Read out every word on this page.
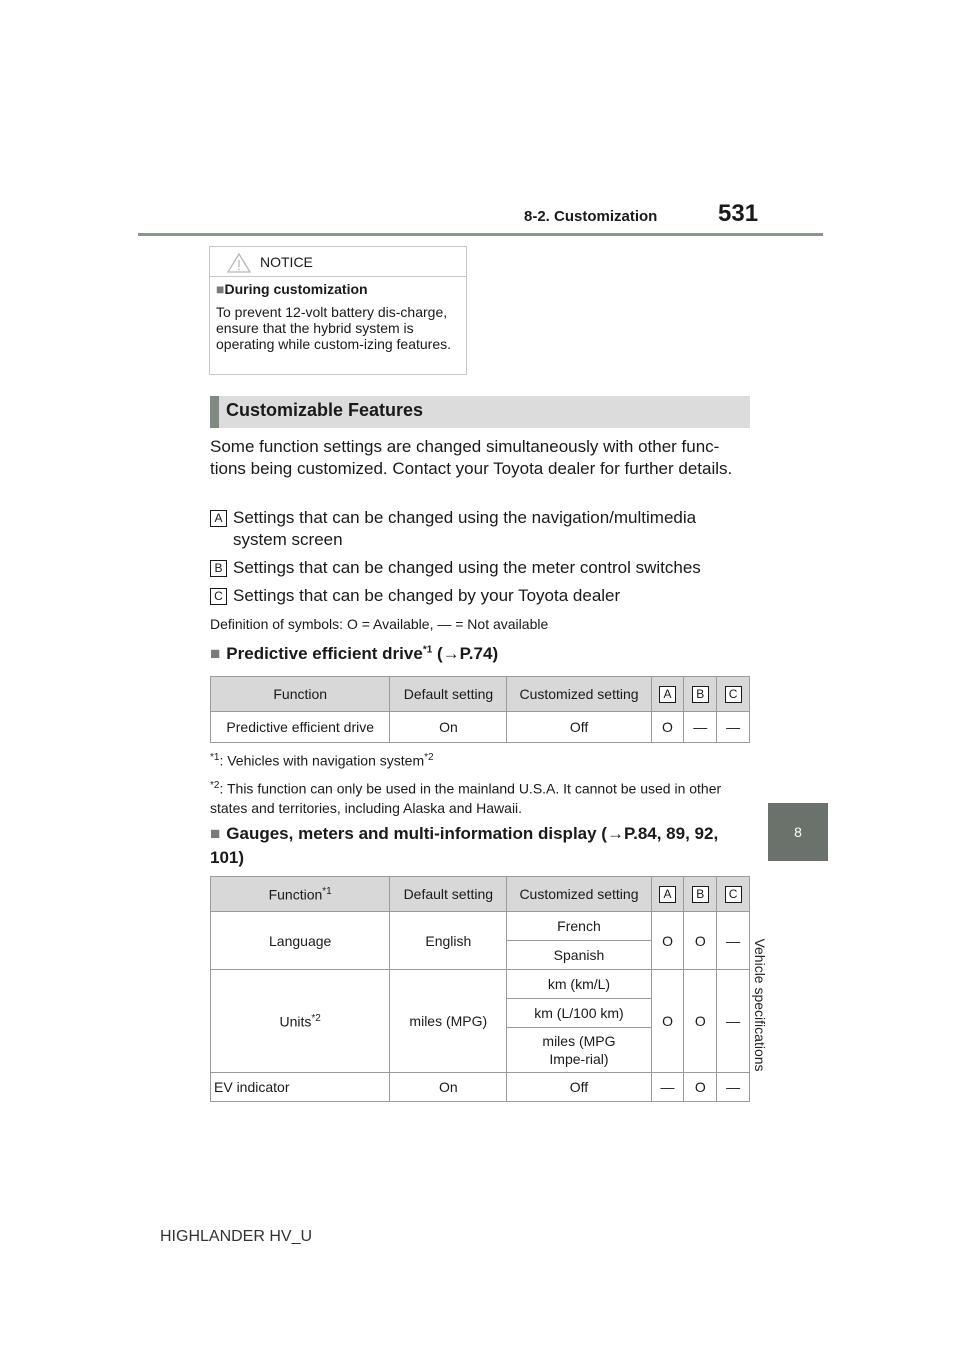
8-2. Customization	531
8
Vehicle specifications
NOTICE
■During customization
To prevent 12-volt battery dis-charge, ensure that the hybrid system is operating while custom-izing features.
Customizable Features
Some function settings are changed simultaneously with other func-tions being customized. Contact your Toyota dealer for further details.
A Settings that can be changed using the navigation/multimedia system screen
B Settings that can be changed using the meter control switches
C Settings that can be changed by your Toyota dealer
Definition of symbols: O = Available, — = Not available
■ Predictive efficient drive$^{*1}$ (→P.74)
Function	Default setting	Customized setting	A	B	C
Predictive efficient drive	On	Off	O	—	—
$^{*1}$: Vehicles with navigation system$^{*2}$
$^{*2}$: This function can only be used in the mainland U.S.A. It cannot be used in other states and territories, including Alaska and Hawaii.
■ Gauges, meters and multi-information display (→P.84, 89, 92, 101)
Function$^{*1}$	Default setting	Customized setting	A	B	C
Language	English	French	O	O	—
		Spanish			
Units$^{*2}$	miles (MPG)	km (km/L)	O	O	—
		km (L/100 km)			
		miles (MPG Impe-rial)			
EV indicator	On	Off	—	O	—
HIGHLANDER HV_U
